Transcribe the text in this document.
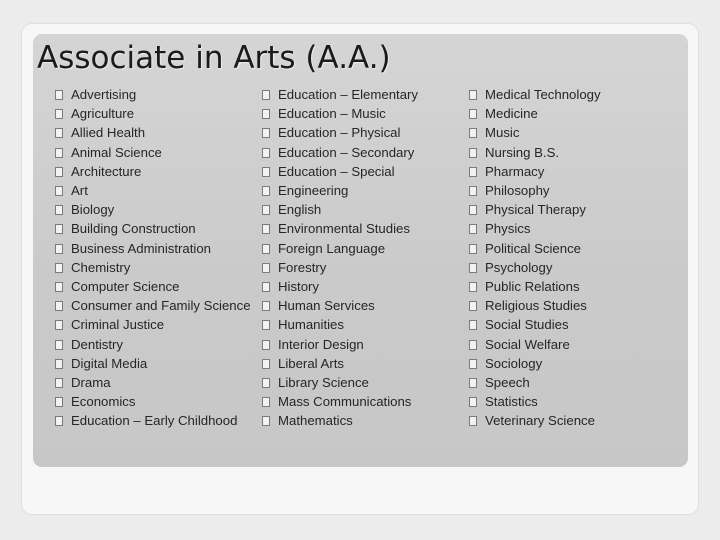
Associate in Arts (A.A.)
Advertising
Agriculture
Allied Health
Animal Science
Architecture
Art
Biology
Building Construction
Business Administration
Chemistry
Computer Science
Consumer and Family Science
Criminal Justice
Dentistry
Digital Media
Drama
Economics
Education – Early Childhood
Education – Elementary
Education – Music
Education – Physical
Education – Secondary
Education – Special
Engineering
English
Environmental Studies
Foreign Language
Forestry
History
Human Services
Humanities
Interior Design
Liberal Arts
Library Science
Mass Communications
Mathematics
Medical Technology
Medicine
Music
Nursing B.S.
Pharmacy
Philosophy
Physical Therapy
Physics
Political Science
Psychology
Public Relations
Religious Studies
Social Studies
Social Welfare
Sociology
Speech
Statistics
Veterinary Science
